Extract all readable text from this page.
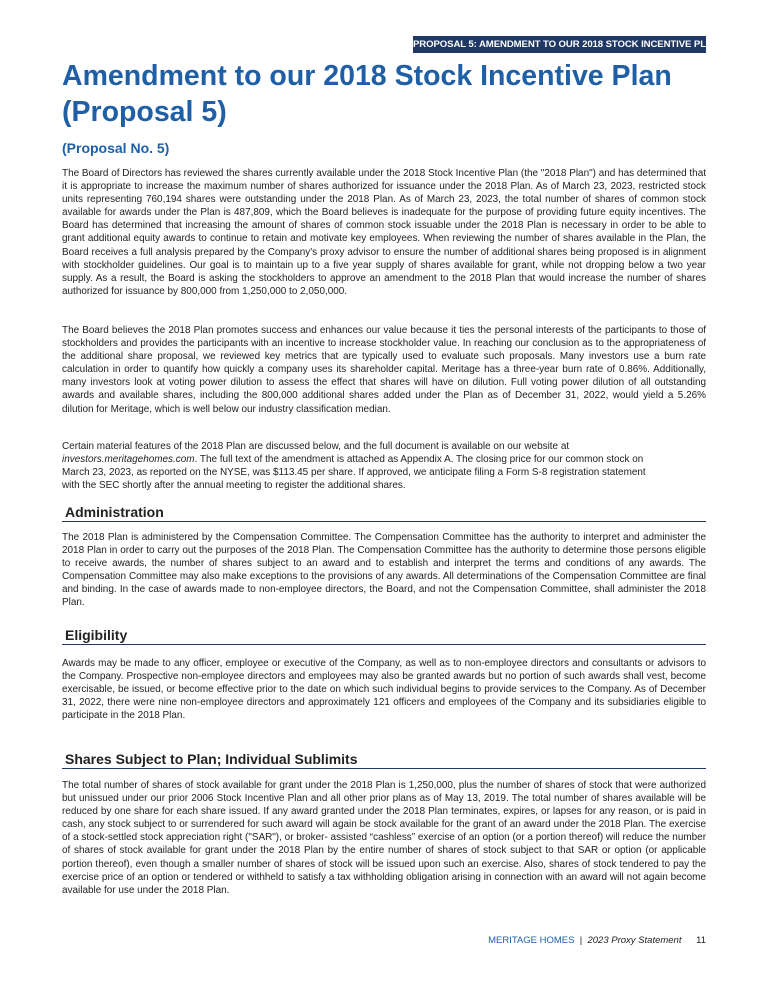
PROPOSAL 5: AMENDMENT TO OUR 2018 STOCK INCENTIVE PLAN
Amendment to our 2018 Stock Incentive Plan
(Proposal 5)
(Proposal No. 5)

The Board of Directors has reviewed the shares currently available under the 2018 Stock Incentive Plan (the "2018 Plan") and has determined that it is appropriate to increase the maximum number of shares authorized for issuance under the 2018 Plan. As of March 23, 2023, restricted stock units representing 760,194 shares were outstanding under the 2018 Plan. As of March 23, 2023, the total number of shares of common stock available for awards under the Plan is 487,809, which the Board believes is inadequate for the purpose of providing future equity incentives. The Board has determined that increasing the amount of shares of common stock issuable under the 2018 Plan is necessary in order to be able to grant additional equity awards to continue to retain and motivate key employees. When reviewing the number of shares available in the Plan, the Board receives a full analysis prepared by the Company's proxy advisor to ensure the number of additional shares being proposed is in alignment with stockholder guidelines. Our goal is to maintain up to a five year supply of shares available for grant, while not dropping below a two year supply. As a result, the Board is asking the stockholders to approve an amendment to the 2018 Plan that would increase the number of shares authorized for issuance by 800,000 from 1,250,000 to 2,050,000.

The Board believes the 2018 Plan promotes success and enhances our value because it ties the personal interests of the participants to those of stockholders and provides the participants with an incentive to increase stockholder value. In reaching our conclusion as to the appropriateness of the additional share proposal, we reviewed key metrics that are typically used to evaluate such proposals. Many investors use a burn rate calculation in order to quantify how quickly a company uses its shareholder capital. Meritage has a three-year burn rate of 0.86%. Additionally, many investors look at voting power dilution to assess the effect that shares will have on dilution. Full voting power dilution of all outstanding awards and available shares, including the 800,000 additional shares added under the Plan as of December 31, 2022, would yield a 5.26% dilution for Meritage, which is well below our industry classification median.

Certain material features of the 2018 Plan are discussed below, and the full document is available on our website at
investors.meritagehomes.com. The full text of the amendment is attached as Appendix A. The closing price for our common stock on March 23, 2023, as reported on the NYSE, was $113.45 per share. If approved, we anticipate filing a Form S-8 registration statement with the SEC shortly after the annual meeting to register the additional shares.

Administration

The 2018 Plan is administered by the Compensation Committee. The Compensation Committee has the authority to interpret and administer the 2018 Plan in order to carry out the purposes of the 2018 Plan. The Compensation Committee has the authority to determine those persons eligible to receive awards, the number of shares subject to an award and to establish and interpret the terms and conditions of any awards. The Compensation Committee may also make exceptions to the provisions of any awards. All determinations of the Compensation Committee are final and binding. In the case of awards made to non-employee directors, the Board, and not the Compensation Committee, shall administer the 2018 Plan.

Eligibility

Awards may be made to any officer, employee or executive of the Company, as well as to non-employee directors and consultants or advisors to the Company. Prospective non-employee directors and employees may also be granted awards but no portion of such awards shall vest, become exercisable, be issued, or become effective prior to the date on which such individual begins to provide services to the Company. As of December 31, 2022, there were nine non-employee directors and approximately 121 officers and employees of the Company and its subsidiaries eligible to participate in the 2018 Plan.

Shares Subject to Plan; Individual Sublimits

The total number of shares of stock available for grant under the 2018 Plan is 1,250,000, plus the number of shares of stock that were authorized but unissued under our prior 2006 Stock Incentive Plan and all other prior plans as of May 13, 2019. The total number of shares available will be reduced by one share for each share issued. If any award granted under the 2018 Plan terminates, expires, or lapses for any reason, or is paid in cash, any stock subject to or surrendered for such award will again be stock available for the grant of an award under the 2018 Plan. The exercise of a stock-settled stock appreciation right ("SAR"), or broker- assisted “cashless” exercise of an option (or a portion thereof) will reduce the number of shares of stock available for grant under the 2018 Plan by the entire number of shares of stock subject to that SAR or option (or applicable portion thereof), even though a smaller number of shares of stock will be issued upon such an exercise. Also, shares of stock tendered to pay the exercise price of an option or tendered or withheld to satisfy a tax withholding obligation arising in connection with an award will not again become available for use under the 2018 Plan.

MERITAGE HOMES | 2023 Proxy Statement 11
